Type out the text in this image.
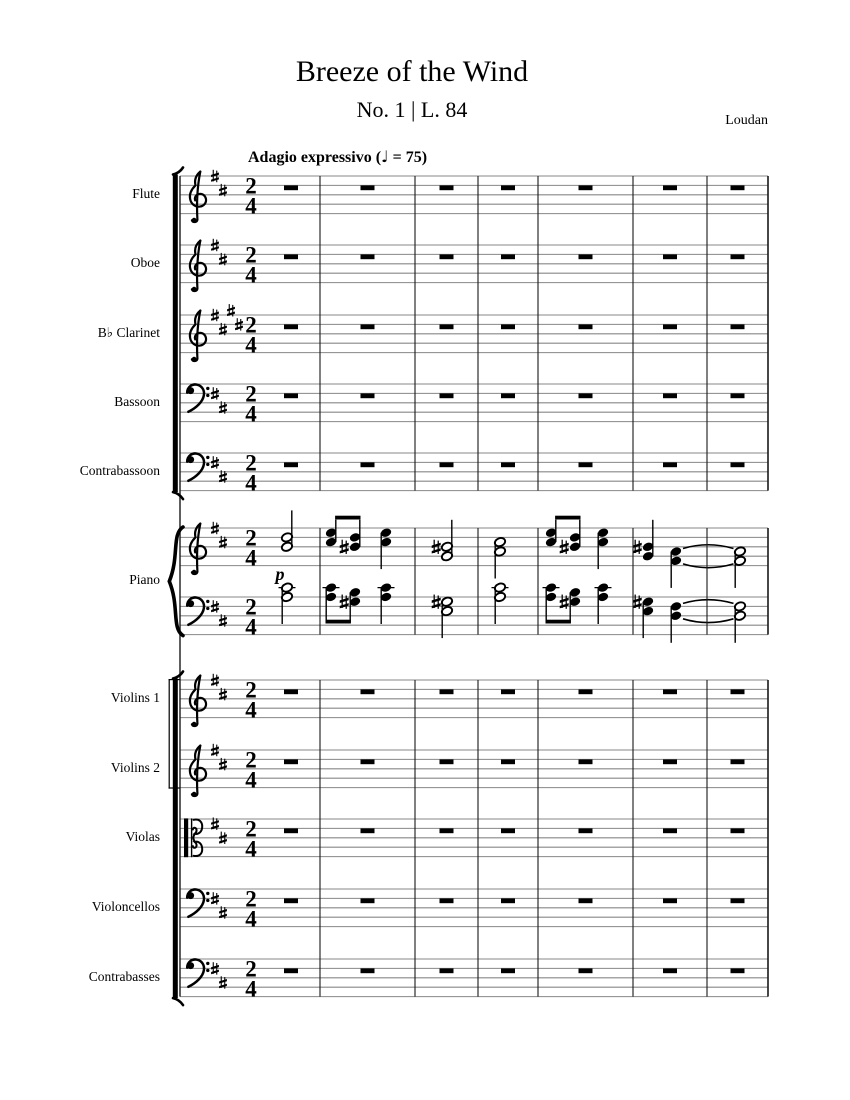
Breeze of the Wind
No. 1 | L. 84	Loudan
Adagio expressivo (♩ = 75)
Flute
Oboe
B♭ Clarinet
Bassoon
Contrabassoon
Piano
Violins 1
Violins 2
Violas
Violoncellos
Contrabasses
2
4
2
4
2
4
2
4
2
4
2
4
2
4
2
4
2
4
2
4
2
4
2
4
p
